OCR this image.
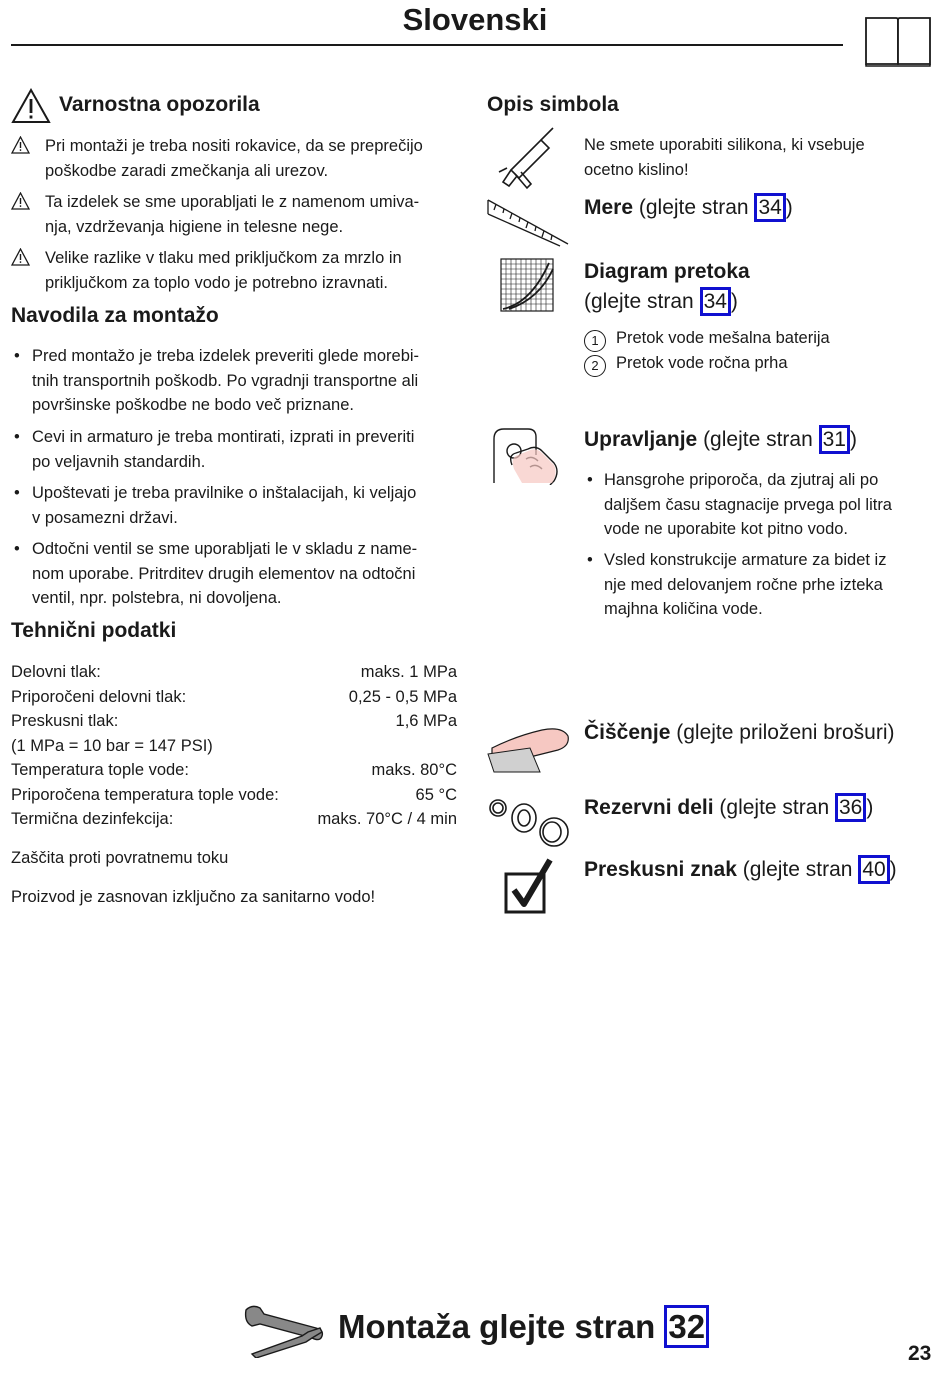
Slovenski
Varnostna opozorila
Pri montaži je treba nositi rokavice, da se preprečijo
poškodbe zaradi zmečkanja ali urezov.
Ta izdelek se sme uporabljati le z namenom umiva-
nja, vzdrževanja higiene in telesne nege.
Velike razlike v tlaku med priključkom za mrzlo in
priključkom za toplo vodo je potrebno izravnati.
Navodila za montažo
• Pred montažo je treba izdelek preveriti glede morebi-
tnih transportnih poškodb. Po vgradnji transportne ali
površinske poškodbe ne bodo več priznane.
• Cevi in armaturo je treba montirati, izprati in preveriti
po veljavnih standardih.
• Upoštevati je treba pravilnike o inštalacijah, ki veljajo
v posamezni državi.
• Odtočni ventil se sme uporabljati le v skladu z name-
nom uporabe. Pritrditev drugih elementov na odtočni
ventil, npr. polstebra, ni dovoljena.
Tehnični podatki
Delovni tlak:	maks. 1 MPa
Priporočeni delovni tlak:	0,25 - 0,5 MPa
Preskusni tlak:	1,6 MPa
(1 MPa = 10 bar = 147 PSI)
Temperatura tople vode:	maks. 80°C
Priporočena temperatura tople vode:	65 °C
Termična dezinfekcija:	maks. 70°C / 4 min
Zaščita proti povratnemu toku
Proizvod je zasnovan izključno za sanitarno vodo!
Opis simbola
Ne smete uporabiti silikona, ki vsebuje
ocetno kislino!
Mere (glejte stran 34 )
Diagram pretoka
(glejte stran 34 )
1 Pretok vode mešalna baterija
2 Pretok vode ročna prha
Upravljanje (glejte stran 31 )
• Hansgrohe priporoča, da zjutraj ali po
daljšem času stagnacije prvega pol litra
vode ne uporabite kot pitno vodo.
• Vsled konstrukcije armature za bidet iz
nje med delovanjem ročne prhe izteka
majhna količina vode.
Čiščenje (glejte priloženi brošuri)
Rezervni deli (glejte stran 36 )
Preskusni znak (glejte stran 40 )
Montaža glejte stran 32
23
